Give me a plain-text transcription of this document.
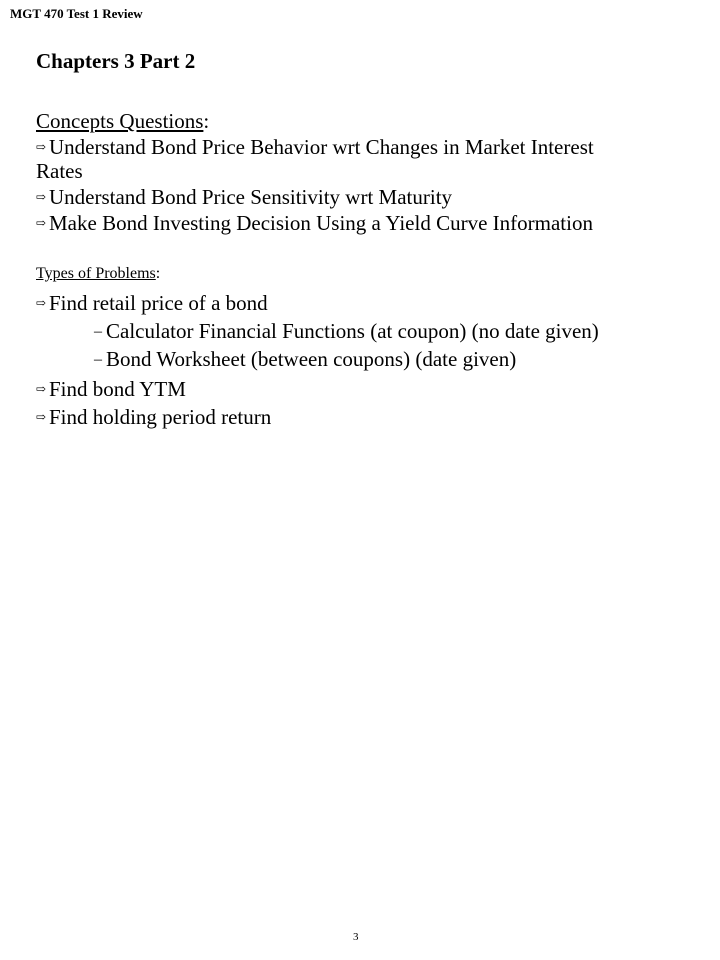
MGT 470 Test 1 Review
Chapters 3 Part 2
Concepts Questions:
⇨ Understand Bond Price Behavior wrt Changes in Market Interest
Rates
⇨ Understand Bond Price Sensitivity wrt Maturity
⇨ Make Bond Investing Decision Using a Yield Curve Information
Types of Problems:
⇨ Find retail price of a bond
– Calculator Financial Functions (at coupon) (no date given)
– Bond Worksheet (between coupons) (date given)
⇨ Find bond YTM
⇨ Find holding period return
3
